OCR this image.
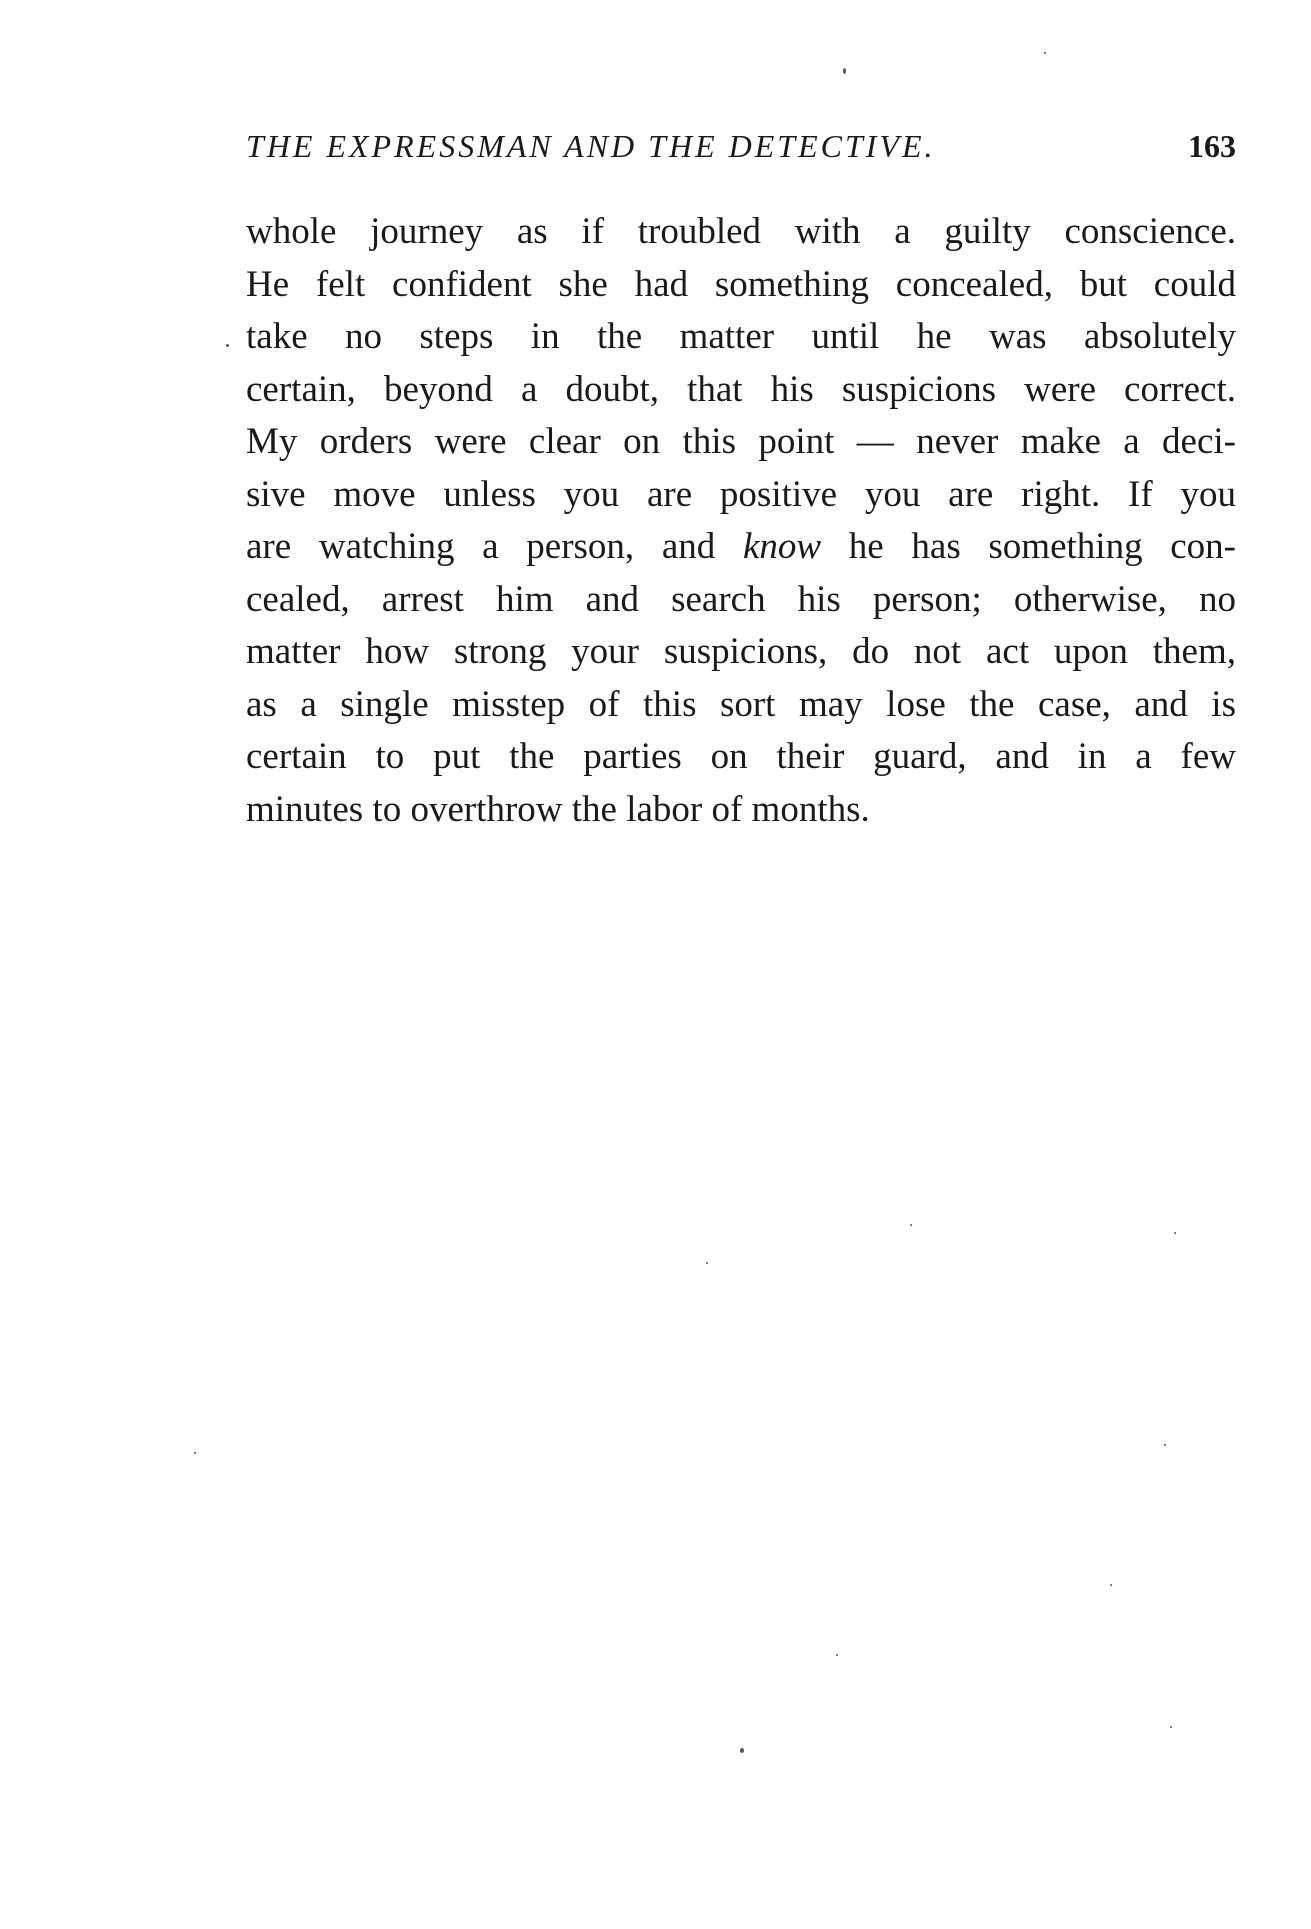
THE EXPRESSMAN AND THE DETECTIVE.	163
whole journey as if troubled with a guilty conscience.
He felt confident she had something concealed, but could
take no steps in the matter until he was absolutely
certain, beyond a doubt, that his suspicions were correct.
My orders were clear on this point — never make a deci-
sive move unless you are positive you are right. If you
are watching a person, and know he has something con-
cealed, arrest him and search his person; otherwise, no
matter how strong your suspicions, do not act upon them,
as a single misstep of this sort may lose the case, and is
certain to put the parties on their guard, and in a few
minutes to overthrow the labor of months.
